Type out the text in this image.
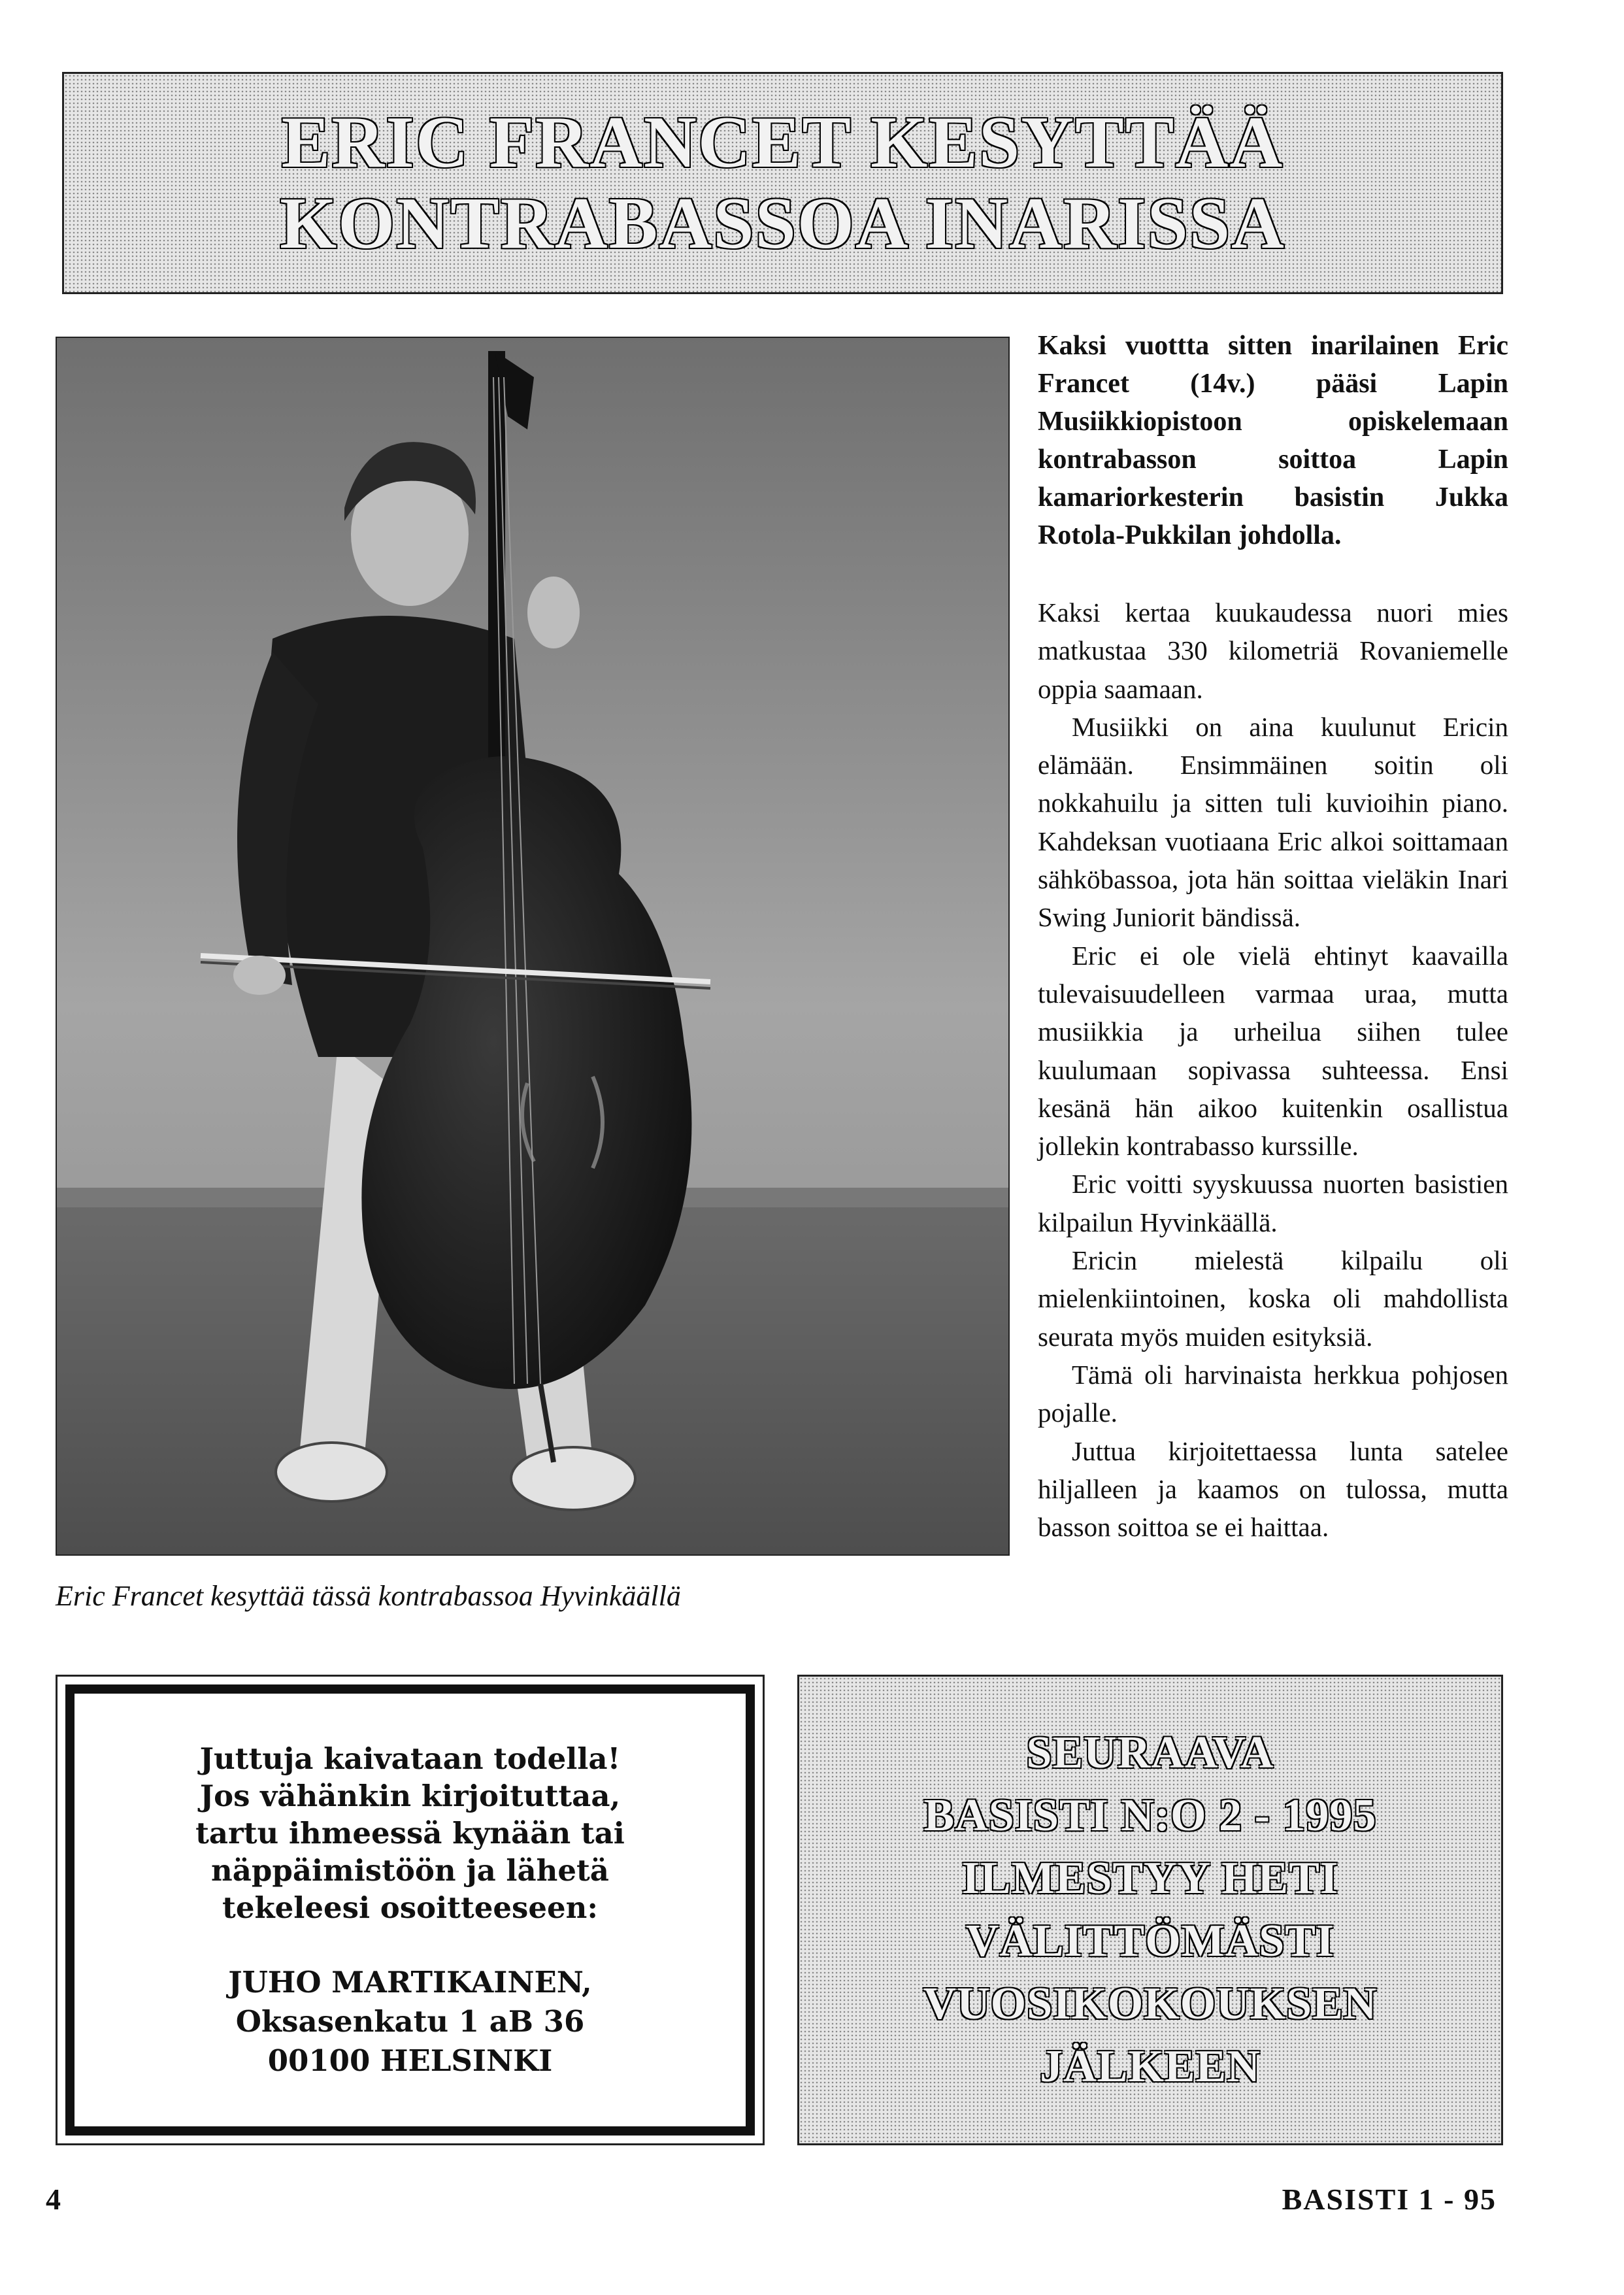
ERIC FRANCET KESYTTÄÄ
KONTRABASSOA INARISSA
Eric Francet kesyttää tässä kontrabassoa Hyvinkäällä

Kaksi vuottta sitten inarilainen Eric Francet (14v.) pääsi Lapin Musiikkiopistoon opiskelemaan kontrabasson soittoa Lapin kamariorkesterin basistin Jukka Rotola-Pukkilan johdolla.

Kaksi kertaa kuukaudessa nuori mies matkustaa 330 kilometriä Rovaniemelle oppia saamaan.

Musiikki on aina kuulunut Ericin elämään. Ensimmäinen soitin oli nokkahuilu ja sitten tuli kuvioihin piano. Kahdeksan vuotiaana Eric alkoi soittamaan sähköbassoa, jota hän soittaa vieläkin Inari Swing Juniorit bändissä.

Eric ei ole vielä ehtinyt kaavailla tulevaisuudelleen varmaa uraa, mutta musiikkia ja urheilua siihen tulee kuulumaan sopivassa suhteessa. Ensi kesänä hän aikoo kuitenkin osallistua jollekin kontrabasso kurssille.

Eric voitti syyskuussa nuorten basistien kilpailun Hyvinkäällä.

Ericin mielestä kilpailu oli mielenkiintoinen, koska oli mahdollista seurata myös muiden esityksiä.

Tämä oli harvinaista herkkua pohjosen pojalle.

Juttua kirjoitettaessa lunta satelee hiljalleen ja kaamos on tulossa, mutta basson soittoa se ei haittaa.

Juttuja kaivataan todella!
Jos vähänkin kirjoituttaa,
tartu ihmeessä kynään tai
näppäimistöön ja lähetä
tekeleesi osoitteeseen:
JUHO MARTIKAINEN,
Oksasenkatu 1 aB 36
00100 HELSINKI
SEURAAVA
BASISTI N:O 2 - 1995
ILMESTYY HETI
VÄLITTÖMÄSTI
VUOSIKOKOUKSEN
JÄLKEEN
4	BASISTI 1 - 95
